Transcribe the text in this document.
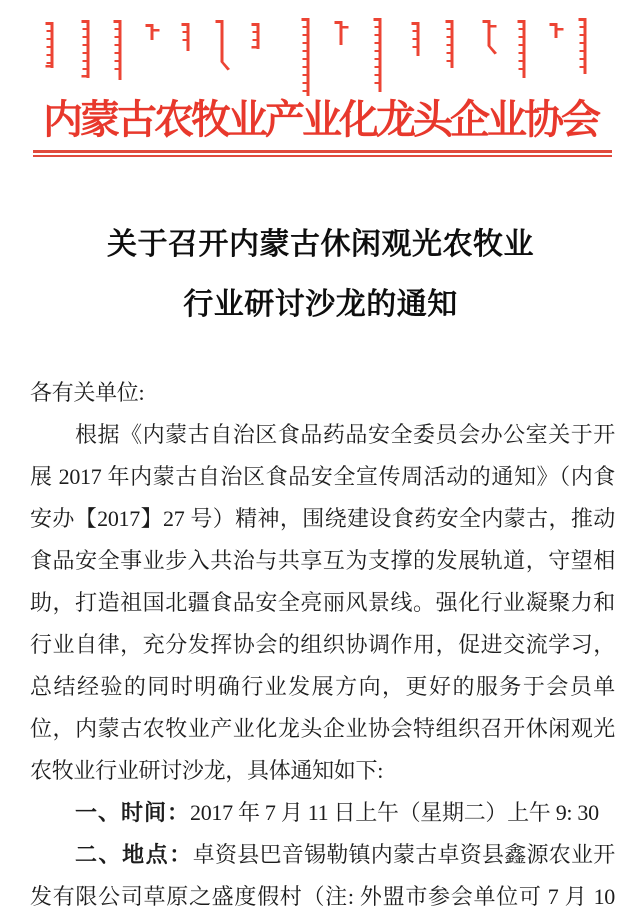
内蒙古农牧业产业化龙头企业协会
关于召开内蒙古休闲观光农牧业
行业研讨沙龙的通知
各有关单位:
根据《内蒙古自治区食品药品安全委员会办公室关于开
展 2017 年内蒙古自治区食品安全宣传周活动的通知》（内食
安办【2017】27 号）精神，围绕建设食药安全内蒙古，推动
食品安全事业步入共治与共享互为支撑的发展轨道，守望相
助，打造祖国北疆食品安全亮丽风景线。强化行业凝聚力和
行业自律，充分发挥协会的组织协调作用，促进交流学习，
总结经验的同时明确行业发展方向，更好的服务于会员单
位，内蒙古农牧业产业化龙头企业协会特组织召开休闲观光
农牧业行业研讨沙龙，具体通知如下:
一、时间：2017 年 7 月 11 日上午（星期二）上午 9: 30
二、地点：卓资县巴音锡勒镇内蒙古卓资县鑫源农业开
发有限公司草原之盛度假村（注: 外盟市参会单位可 7 月 10
